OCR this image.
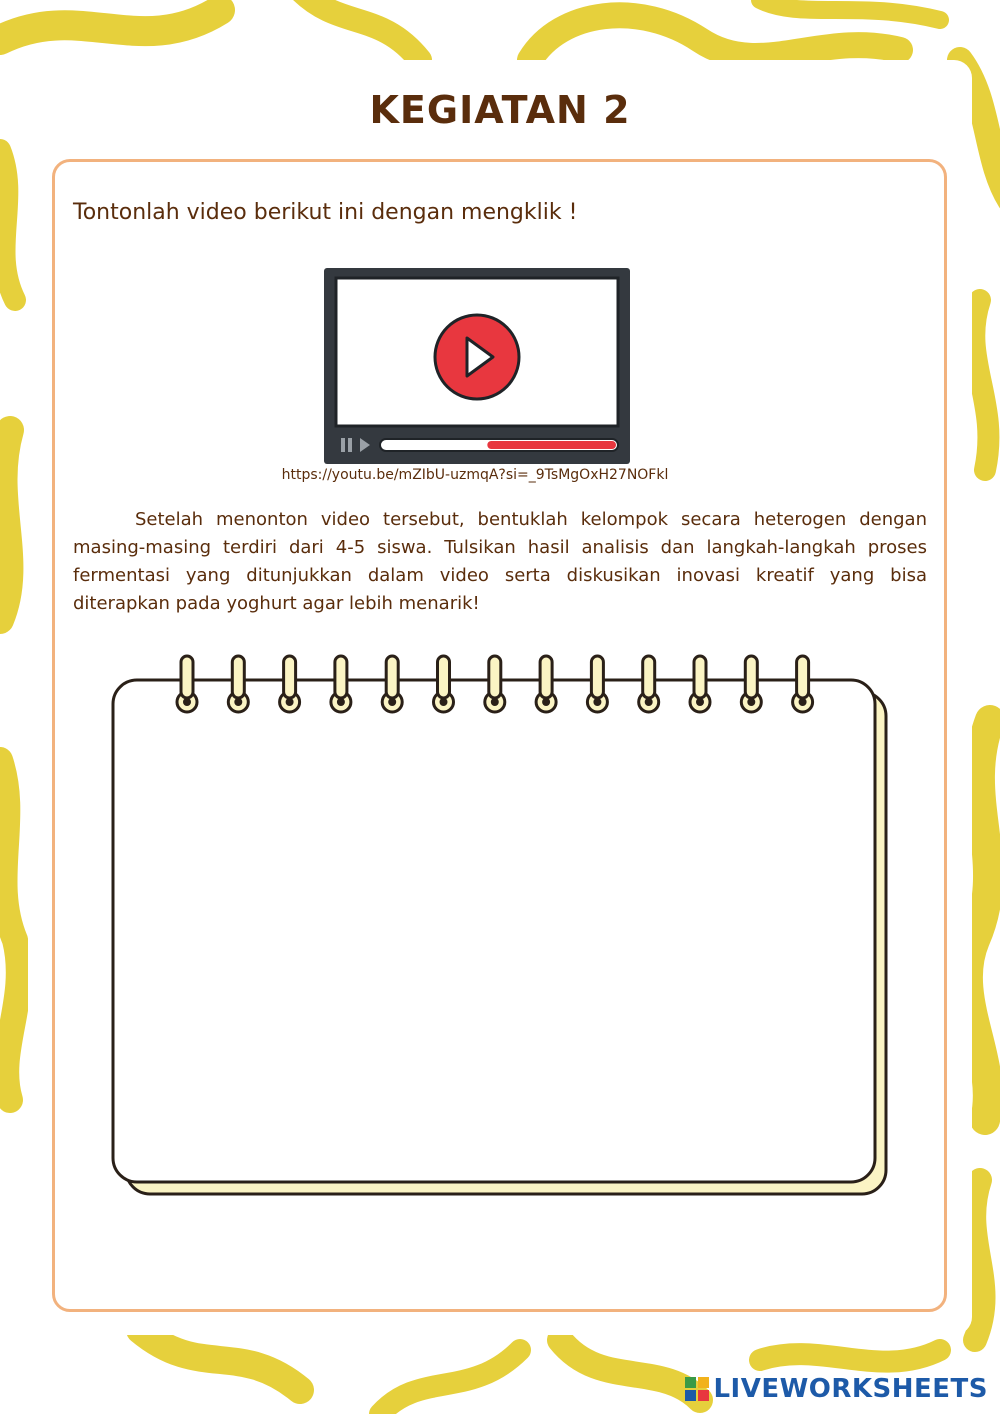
KEGIATAN 2

Tontonlah video berikut ini dengan mengklik !

https://youtu.be/mZIbU-uzmqA?si=_9TsMgOxH27NOFkl

Setelah menonton video tersebut, bentuklah kelompok secara heterogen dengan masing-masing terdiri dari 4-5 siswa. Tulsikan hasil analisis dan langkah-langkah proses fermentasi yang ditunjukkan dalam video serta diskusikan inovasi kreatif yang bisa diterapkan pada yoghurt agar lebih menarik!

LIVEWORKSHEETS
